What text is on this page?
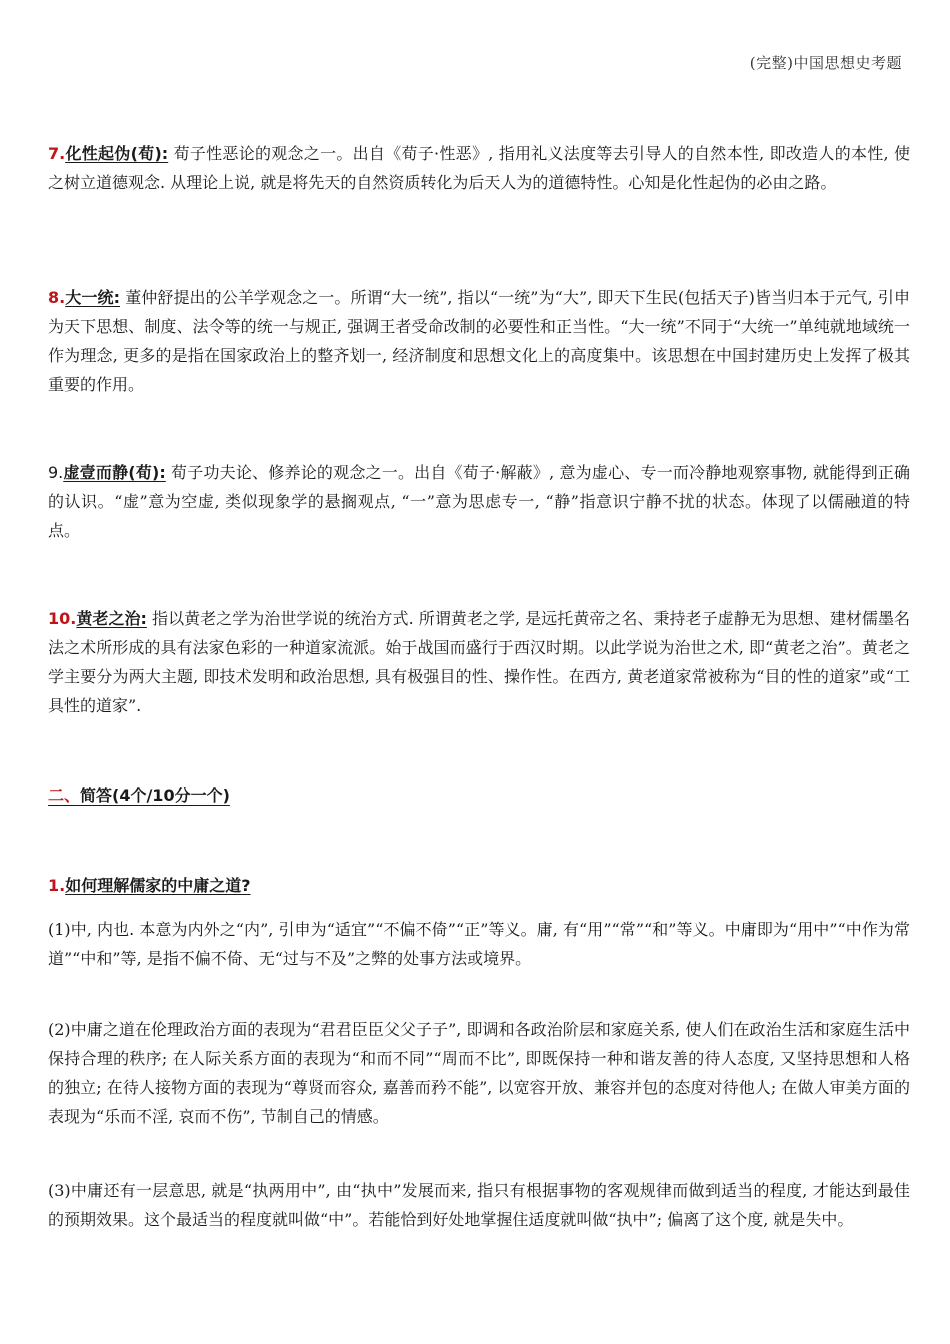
(完整)中国思想史考题
7.化性起伪(荀): 荀子性恶论的观念之一。出自《荀子·性恶》, 指用礼义法度等去引导人的自然本性, 即改造人的本性, 使之树立道德观念. 从理论上说, 就是将先天的自然资质转化为后天人为的道德特性。心知是化性起伪的必由之路。
8.大一统: 董仲舒提出的公羊学观念之一。所谓“大一统”, 指以“一统”为“大”, 即天下生民(包括天子)皆当归本于元气, 引申为天下思想、制度、法令等的统一与规正, 强调王者受命改制的必要性和正当性。“大一统”不同于“大统一”单纯就地域统一作为理念, 更多的是指在国家政治上的整齐划一, 经济制度和思想文化上的高度集中。该思想在中国封建历史上发挥了极其重要的作用。
9.虚壹而静(荀): 荀子功夫论、修养论的观念之一。出自《荀子·解蔽》, 意为虚心、专一而冷静地观察事物, 就能得到正确的认识。“虚”意为空虚, 类似现象学的悬搁观点, “一”意为思虑专一, “静”指意识宁静不扰的状态。体现了以儒融道的特点。
10.黄老之治: 指以黄老之学为治世学说的统治方式. 所谓黄老之学, 是远托黄帝之名、秉持老子虚静无为思想、建材儒墨名法之术所形成的具有法家色彩的一种道家流派。始于战国而盛行于西汉时期。以此学说为治世之术, 即“黄老之治”。黄老之学主要分为两大主题, 即技术发明和政治思想, 具有极强目的性、操作性。在西方, 黄老道家常被称为“目的性的道家”或“工具性的道家”.
二、简答(4个/10分一个)
1.如何理解儒家的中庸之道?
(1)中, 内也. 本意为内外之“内”, 引申为“适宜”“不偏不倚”“正”等义。庸, 有“用”“常”“和”等义。中庸即为“用中”“中作为常道”“中和”等, 是指不偏不倚、无“过与不及”之弊的处事方法或境界。
(2)中庸之道在伦理政治方面的表现为“君君臣臣父父子子”, 即调和各政治阶层和家庭关系, 使人们在政治生活和家庭生活中保持合理的秩序; 在人际关系方面的表现为“和而不同”“周而不比”, 即既保持一种和谐友善的待人态度, 又坚持思想和人格的独立; 在待人接物方面的表现为“尊贤而容众, 嘉善而矜不能”, 以宽容开放、兼容并包的态度对待他人; 在做人审美方面的表现为“乐而不淫, 哀而不伤”, 节制自己的情感。
(3)中庸还有一层意思, 就是“执两用中”, 由“执中”发展而来, 指只有根据事物的客观规律而做到适当的程度, 才能达到最佳的预期效果。这个最适当的程度就叫做“中”。若能恰到好处地掌握住适度就叫做“执中”; 偏离了这个度, 就是失中。
